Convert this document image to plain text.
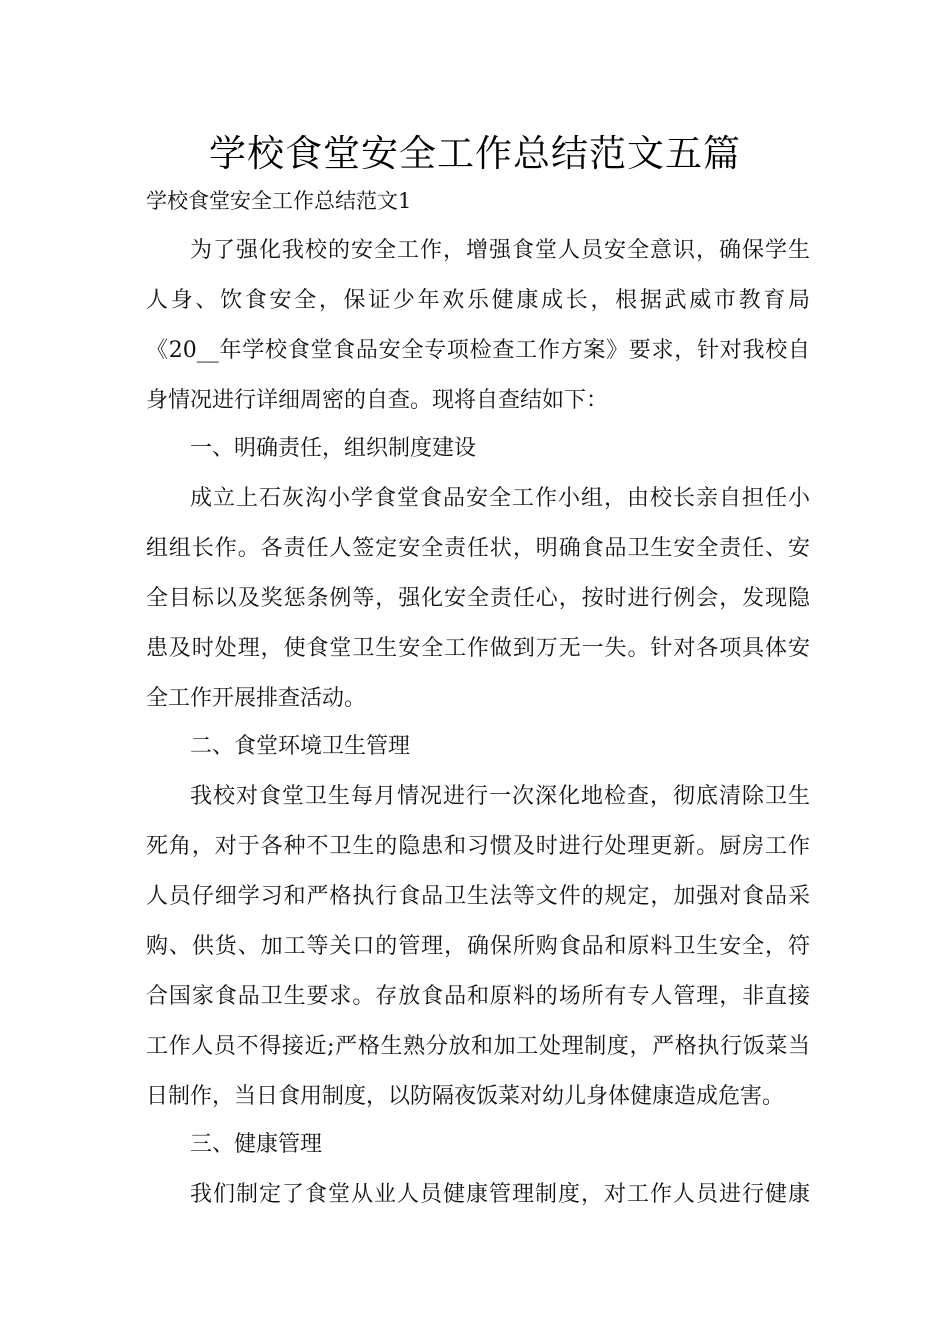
学校食堂安全工作总结范文五篇
学校食堂安全工作总结范文1
为了强化我校的安全工作，增强食堂人员安全意识，确保学生
人身、饮食安全，保证少年欢乐健康成长，根据武威市教育局
《20__年学校食堂食品安全专项检查工作方案》要求，针对我校自
身情况进行详细周密的自查。现将自查结如下：
一、明确责任，组织制度建设
成立上石灰沟小学食堂食品安全工作小组，由校长亲自担任小
组组长作。各责任人签定安全责任状，明确食品卫生安全责任、安
全目标以及奖惩条例等，强化安全责任心，按时进行例会，发现隐
患及时处理，使食堂卫生安全工作做到万无一失。针对各项具体安
全工作开展排查活动。
二、食堂环境卫生管理
我校对食堂卫生每月情况进行一次深化地检查，彻底清除卫生
死角，对于各种不卫生的隐患和习惯及时进行处理更新。厨房工作
人员仔细学习和严格执行食品卫生法等文件的规定，加强对食品采
购、供货、加工等关口的管理，确保所购食品和原料卫生安全，符
合国家食品卫生要求。存放食品和原料的场所有专人管理，非直接
工作人员不得接近;严格生熟分放和加工处理制度，严格执行饭菜当
日制作，当日食用制度，以防隔夜饭菜对幼儿身体健康造成危害。
三、健康管理
我们制定了食堂从业人员健康管理制度，对工作人员进行健康
